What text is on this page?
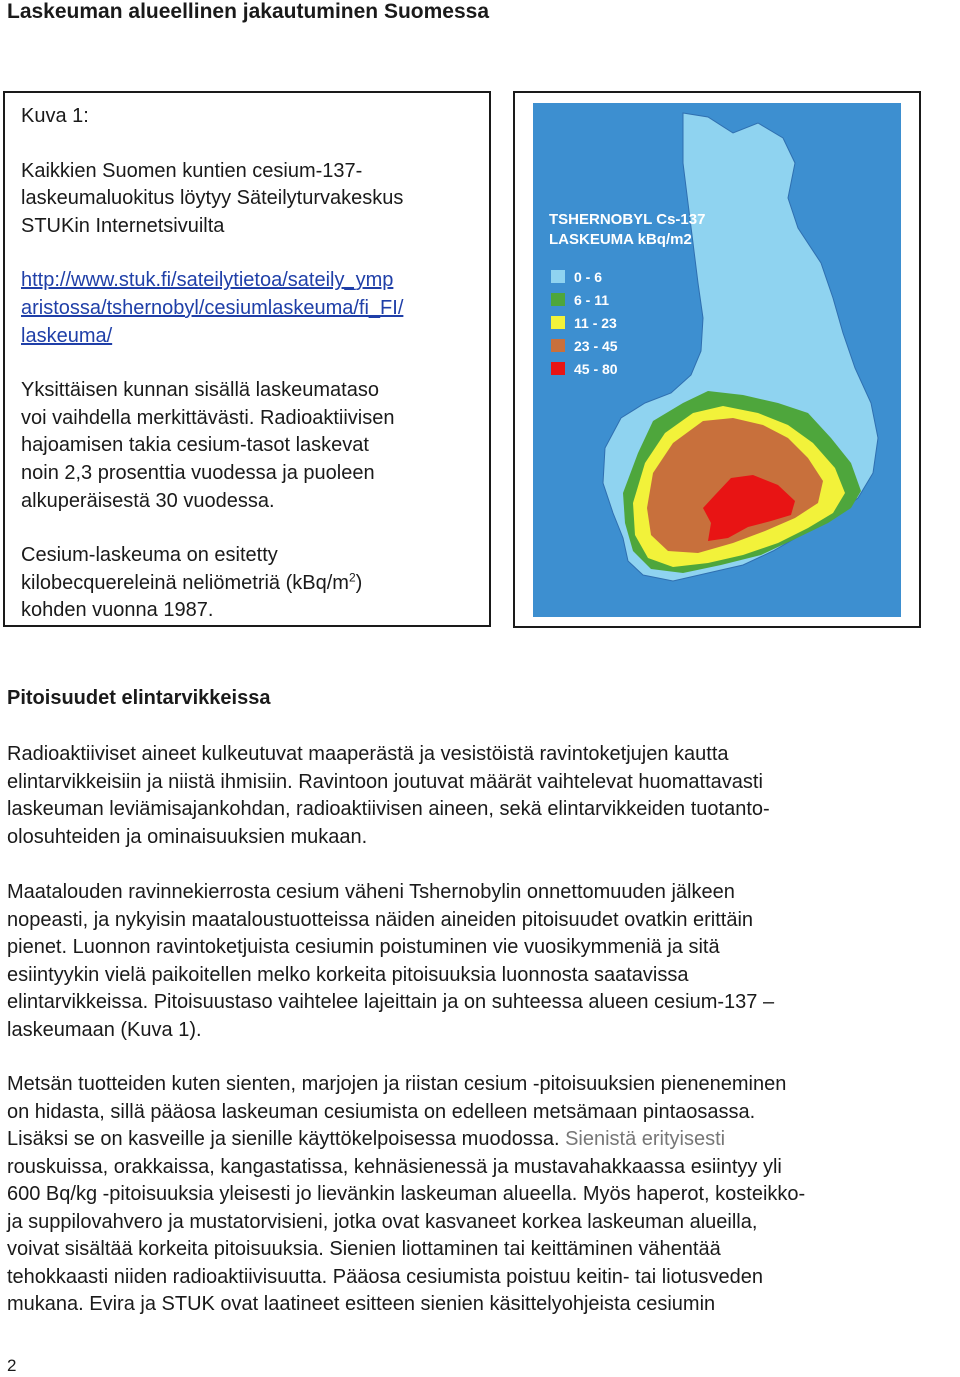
Laskeuman alueellinen jakautuminen Suomessa

Kuva 1:

Kaikkien Suomen kuntien cesium-137-

laskeumaluokitus löytyy Säteilyturvakeskus

STUKin Internetsivuilta

http://www.stuk.fi/sateilytietoa/sateily_ymp

aristossa/tshernobyl/cesiumlaskeuma/fi_FI/

laskeuma/

Yksittäisen kunnan sisällä laskeumataso

voi vaihdella merkittävästi. Radioaktiivisen

hajoamisen takia cesium-tasot laskevat

noin 2,3 prosenttia vuodessa ja puoleen

alkuperäisestä 30 vuodessa.

Cesium-laskeuma on esitetty

kilobecquereleinä neliömetriä $(kBq/m^2)$

kohden vuonna 1987.

TSHERNOBYL Cs-137
LASKEUMA kBq/m2
0 - 6
6 - 11
11 - 23
23 - 45
45 - 80
Pitoisuudet elintarvikkeissa
Radioaktiiviset aineet kulkeutuvat maaperästä ja vesistöistä ravintoketjujen kautta
elintarvikkeisiin ja niistä ihmisiin. Ravintoon joutuvat määrät vaihtelevat huomattavasti
laskeuman leviämisajankohdan, radioaktiivisen aineen, sekä elintarvikkeiden tuotanto-
olosuhteiden ja ominaisuuksien mukaan.
Maatalouden ravinnekierrosta cesium väheni Tshernobylin onnettomuuden jälkeen
nopeasti, ja nykyisin maataloustuotteissa näiden aineiden pitoisuudet ovatkin erittäin
pienet. Luonnon ravintoketjuista cesiumin poistuminen vie vuosikymmeniä ja sitä
esiintyykin vielä paikoitellen melko korkeita pitoisuuksia luonnosta saatavissa
elintarvikkeissa. Pitoisuustaso vaihtelee lajeittain ja on suhteessa alueen cesium-137 –
laskeumaan (Kuva 1).
Metsän tuotteiden kuten sienten, marjojen ja riistan cesium -pitoisuuksien pieneneminen
on hidasta, sillä pääosa laskeuman cesiumista on edelleen metsämaan pintaosassa.
Lisäksi se on kasveille ja sienille käyttökelpoisessa muodossa. Sienistä erityisesti
rouskuissa, orakkaissa, kangastatissa, kehnäsienessä ja mustavahakkaassa esiintyy yli
600 Bq/kg -pitoisuuksia yleisesti jo lievänkin laskeuman alueella. Myös haperot, kosteikko-
ja suppilovahvero ja mustatorvisieni, jotka ovat kasvaneet korkea laskeuman alueilla,
voivat sisältää korkeita pitoisuuksia. Sienien liottaminen tai keittäminen vähentää
tehokkaasti niiden radioaktiivisuutta. Pääosa cesiumista poistuu keitin- tai liotusveden
mukana. Evira ja STUK ovat laatineet esitteen sienien käsittelyohjeista cesiumin
2
